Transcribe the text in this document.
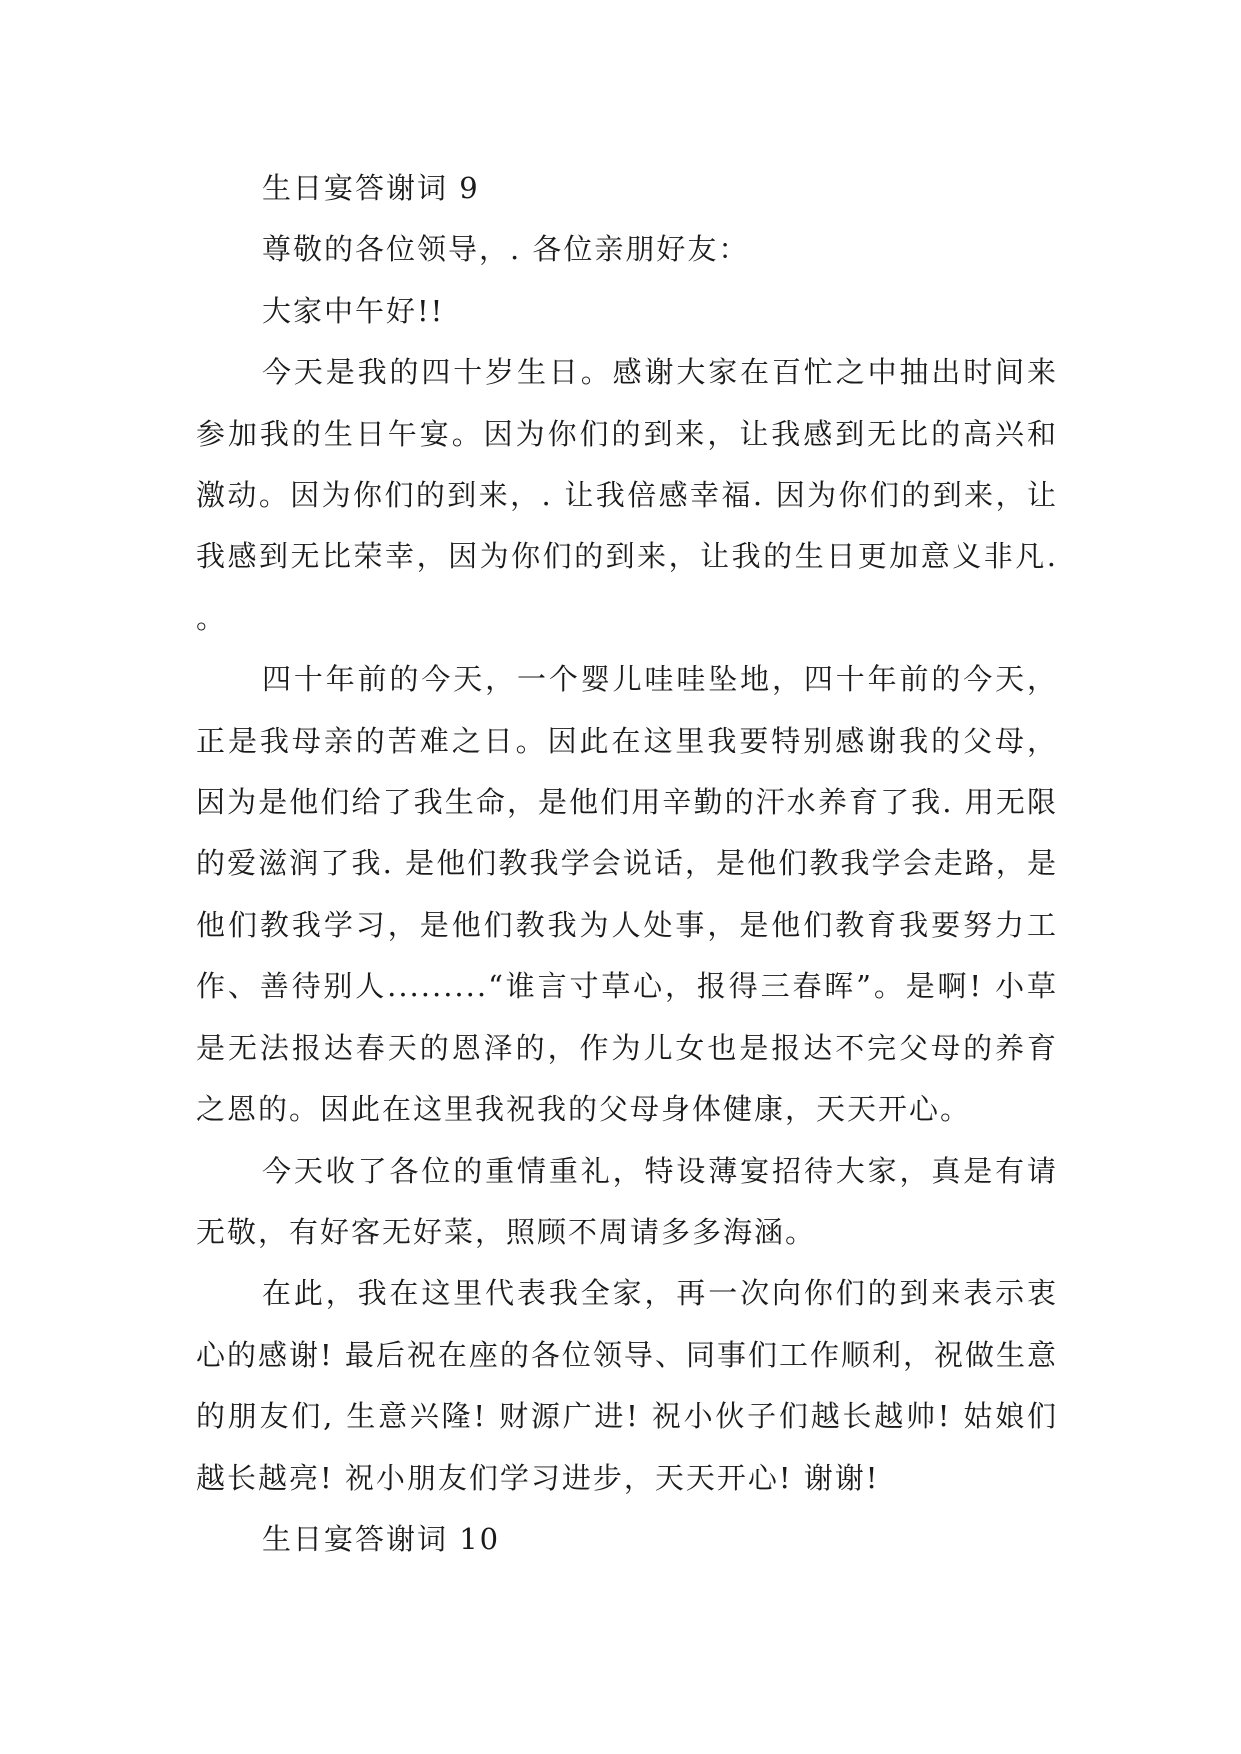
生日宴答谢词 9

尊敬的各位领导，. 各位亲朋好友：

大家中午好!!

今天是我的四十岁生日。感谢大家在百忙之中抽出时间来参加我的生日午宴。因为你们的到来，让我感到无比的高兴和激动。因为你们的到来，. 让我倍感幸福. 因为你们的到来，让我感到无比荣幸，因为你们的到来，让我的生日更加意义非凡. 。

四十年前的今天，一个婴儿哇哇坠地，四十年前的今天，正是我母亲的苦难之日。因此在这里我要特别感谢我的父母，因为是他们给了我生命，是他们用辛勤的汗水养育了我. 用无限的爱滋润了我. 是他们教我学会说话，是他们教我学会走路，是他们教我学习，是他们教我为人处事，是他们教育我要努力工作、善待别人.........“谁言寸草心，报得三春晖”。是啊! 小草是无法报达春天的恩泽的，作为儿女也是报达不完父母的养育之恩的。因此在这里我祝我的父母身体健康，天天开心。

今天收了各位的重情重礼，特设薄宴招待大家，真是有请无敬，有好客无好菜，照顾不周请多多海涵。

在此，我在这里代表我全家，再一次向你们的到来表示衷心的感谢! 最后祝在座的各位领导、同事们工作顺利，祝做生意的朋友们, 生意兴隆! 财源广进! 祝小伙子们越长越帅! 姑娘们越长越亮! 祝小朋友们学习进步，天天开心! 谢谢!

生日宴答谢词 10
